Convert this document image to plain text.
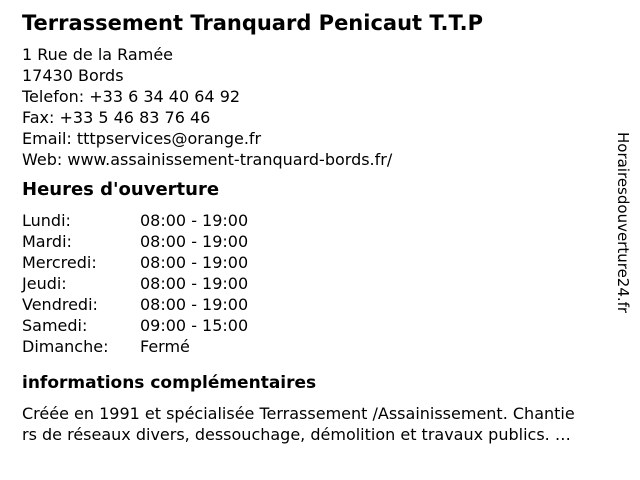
Terrassement Tranquard Penicaut T.T.P
1 Rue de la Ramée
17430 Bords
Telefon: +33 6 34 40 64 92
Fax: +33 5 46 83 76 46
Email: tttpservices@orange.fr
Web: www.assainissement-tranquard-bords.fr/
Heures d'ouverture
Lundi:	08:00 - 19:00
Mardi:	08:00 - 19:00
Mercredi:	08:00 - 19:00
Jeudi:	08:00 - 19:00
Vendredi:	08:00 - 19:00
Samedi:	09:00 - 15:00
Dimanche:	Fermé
informations complémentaires
Créée en 1991 et spécialisée Terrassement /Assainissement. Chantie
rs de réseaux divers, dessouchage, démolition et travaux publics. …
Horairesdouverture24.fr
